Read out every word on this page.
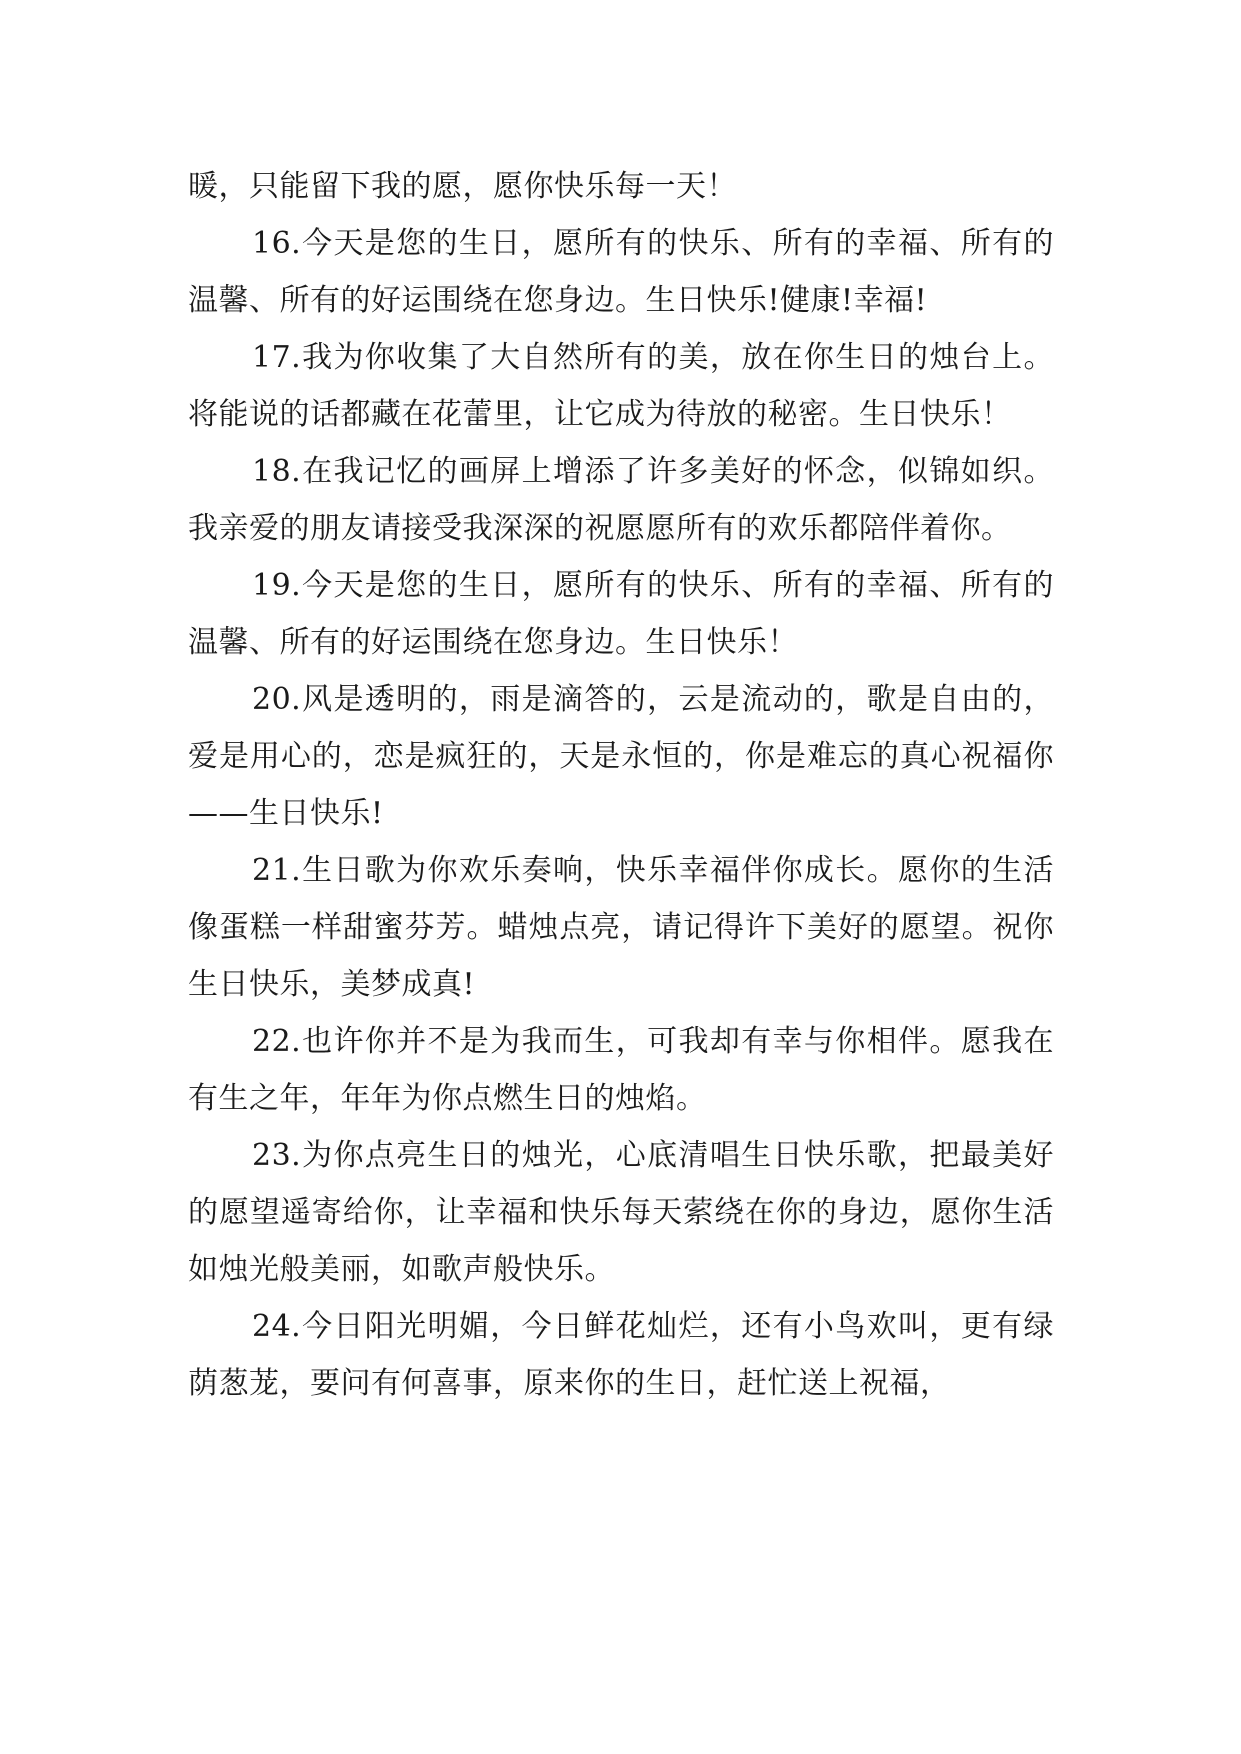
暖，只能留下我的愿，愿你快乐每一天！

16.今天是您的生日，愿所有的快乐、所有的幸福、所有的温馨、所有的好运围绕在您身边。生日快乐!健康!幸福!

17.我为你收集了大自然所有的美，放在你生日的烛台上。将能说的话都藏在花蕾里，让它成为待放的秘密。生日快乐！

18.在我记忆的画屏上增添了许多美好的怀念，似锦如织。我亲爱的朋友请接受我深深的祝愿愿所有的欢乐都陪伴着你。

19.今天是您的生日，愿所有的快乐、所有的幸福、所有的温馨、所有的好运围绕在您身边。生日快乐！

20.风是透明的，雨是滴答的，云是流动的，歌是自由的，爱是用心的，恋是疯狂的，天是永恒的，你是难忘的真心祝福你——生日快乐!

21.生日歌为你欢乐奏响，快乐幸福伴你成长。愿你的生活像蛋糕一样甜蜜芬芳。蜡烛点亮，请记得许下美好的愿望。祝你生日快乐，美梦成真!

22.也许你并不是为我而生，可我却有幸与你相伴。愿我在有生之年，年年为你点燃生日的烛焰。

23.为你点亮生日的烛光，心底清唱生日快乐歌，把最美好的愿望遥寄给你，让幸福和快乐每天萦绕在你的身边，愿你生活如烛光般美丽，如歌声般快乐。

24.今日阳光明媚，今日鲜花灿烂，还有小鸟欢叫，更有绿荫葱茏，要问有何喜事，原来你的生日，赶忙送上祝福，
